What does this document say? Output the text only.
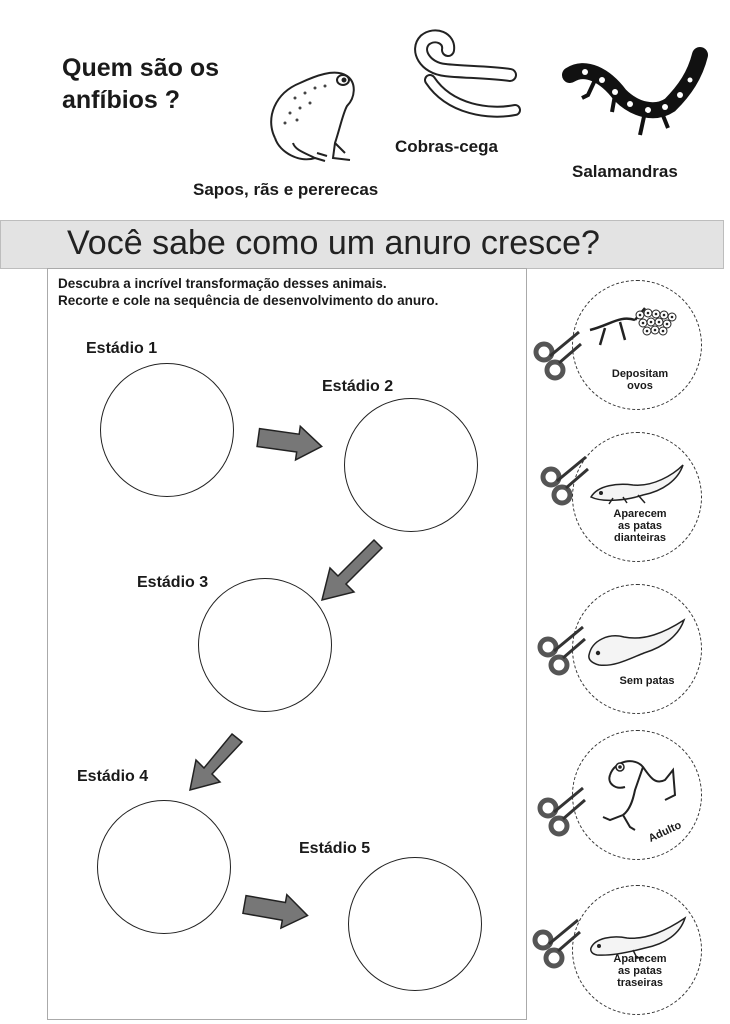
Quem são os anfíbios ?
Sapos, rãs e pererecas
Cobras-cega
Salamandras
Você sabe como um anuro cresce?
Descubra a incrível transformação desses animais.
Recorte e cole na sequência de desenvolvimento do anuro.
Estádio 1
Estádio 2
Estádio 3
Estádio 4
Estádio 5
Depositam
ovos
Aparecem
as patas
dianteiras
Sem patas
Adulto
Aparecem
as patas
traseiras
